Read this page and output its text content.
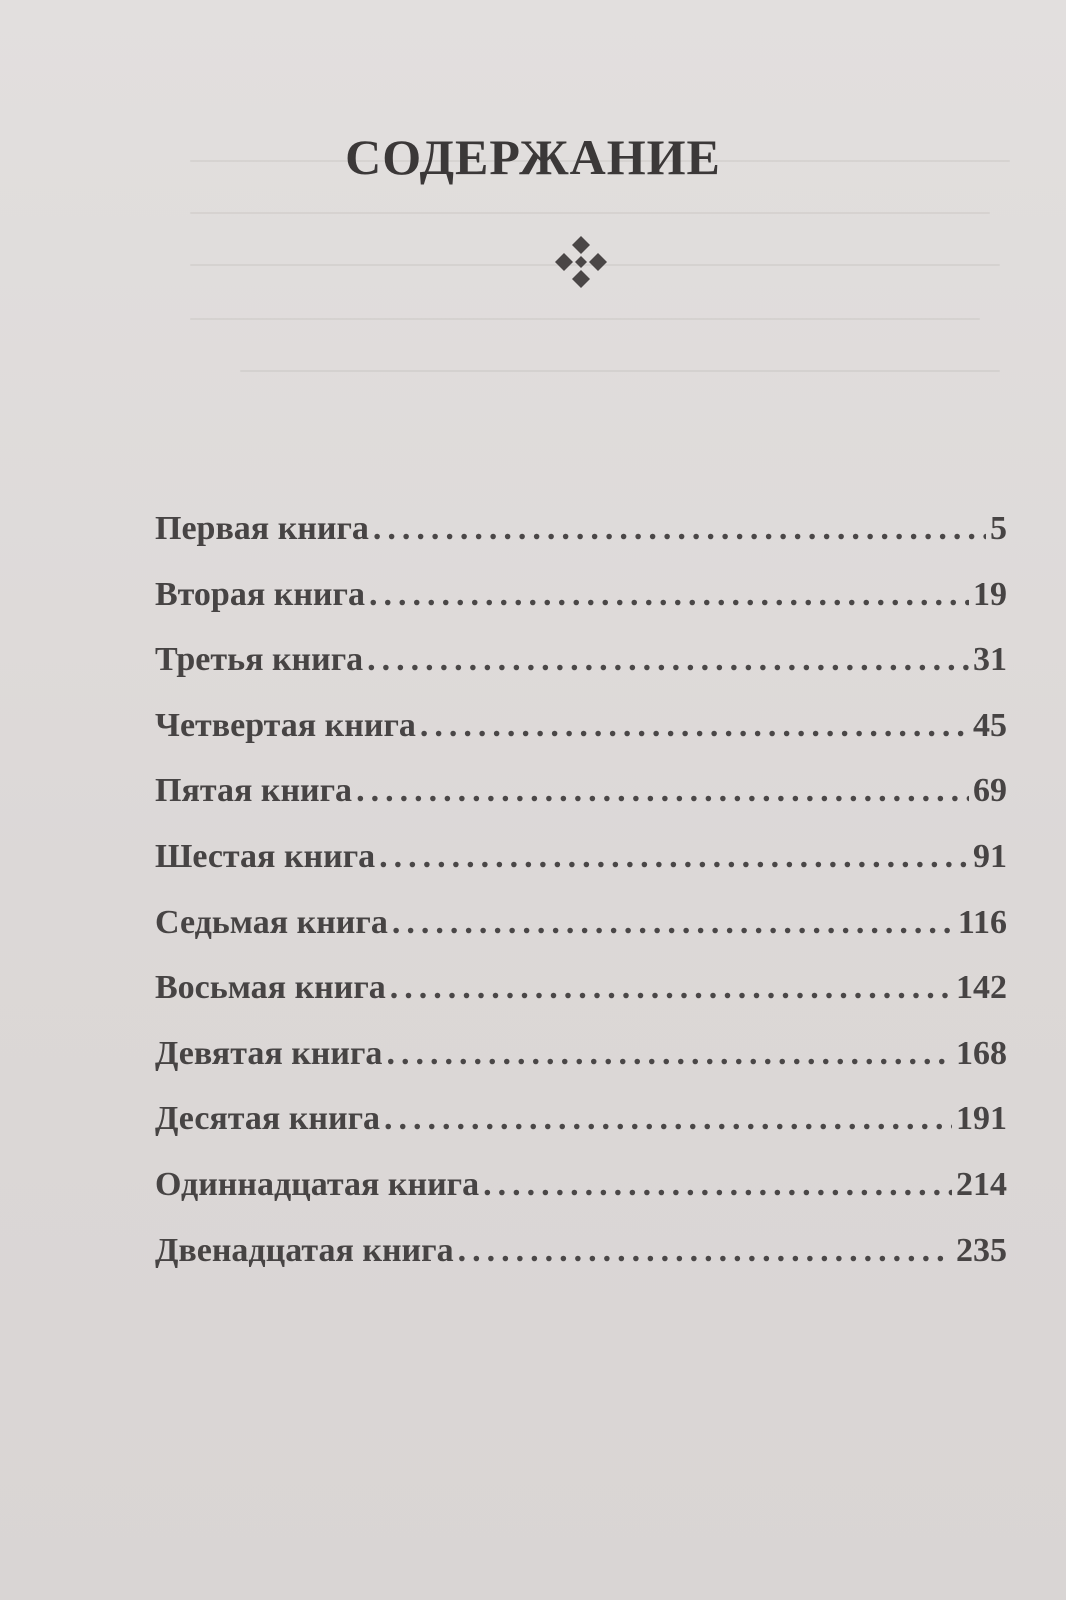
СОДЕРЖАНИЕ
Первая книга .....	5
Вторая книга .....	19
Третья книга .....	31
Четвертая книга .....	45
Пятая книга .....	69
Шестая книга .....	91
Седьмая книга .....	116
Восьмая книга .....	142
Девятая книга .....	168
Десятая книга .....	191
Одиннадцатая книга .....	214
Двенадцатая книга .....	235
